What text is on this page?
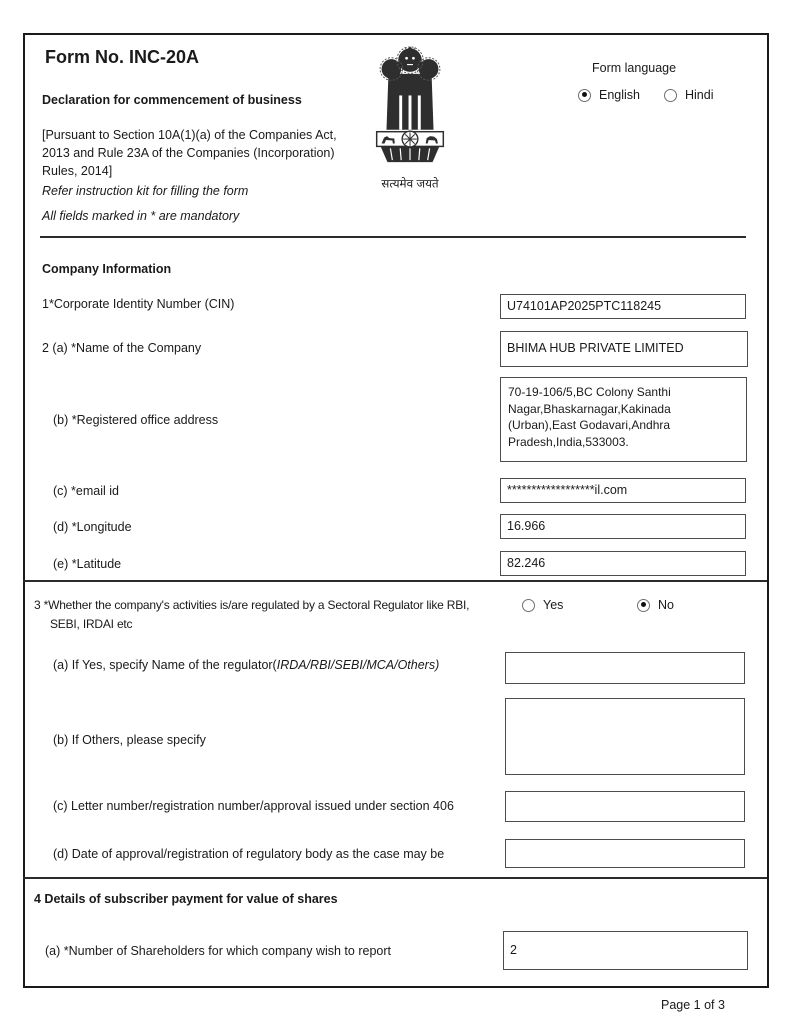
Form No. INC-20A
Declaration for commencement of business
[Pursuant to Section 10A(1)(a) of the Companies Act, 2013 and Rule 23A of the Companies (Incorporation) Rules, 2014]
Refer instruction kit for filling the form
All fields marked in * are mandatory
सत्यमेव जयते
Form language
English	Hindi
Company Information
1*Corporate Identity Number (CIN)	U74101AP2025PTC118245
2 (a) *Name of the Company	BHIMA HUB PRIVATE LIMITED
(b) *Registered office address
70-19-106/5,BC Colony Santhi Nagar,Bhaskarnagar,Kakinada (Urban),East Godavari,Andhra Pradesh,India,533003.
(c) *email id	******************il.com
(d) *Longitude	16.966
(e) *Latitude	82.246
3 *Whether the company's activities is/are regulated by a Sectoral Regulator like RBI,
SEBI, IRDAI etc
Yes	No
(a) If Yes, specify Name of the regulator(IRDA/RBI/SEBI/MCA/Others)
(b) If Others, please specify
(c) Letter number/registration number/approval issued under section 406
(d) Date of approval/registration of regulatory body as the case may be
4 Details of subscriber payment for value of shares
(a) *Number of Shareholders for which company wish to report	2
Page 1 of 3
